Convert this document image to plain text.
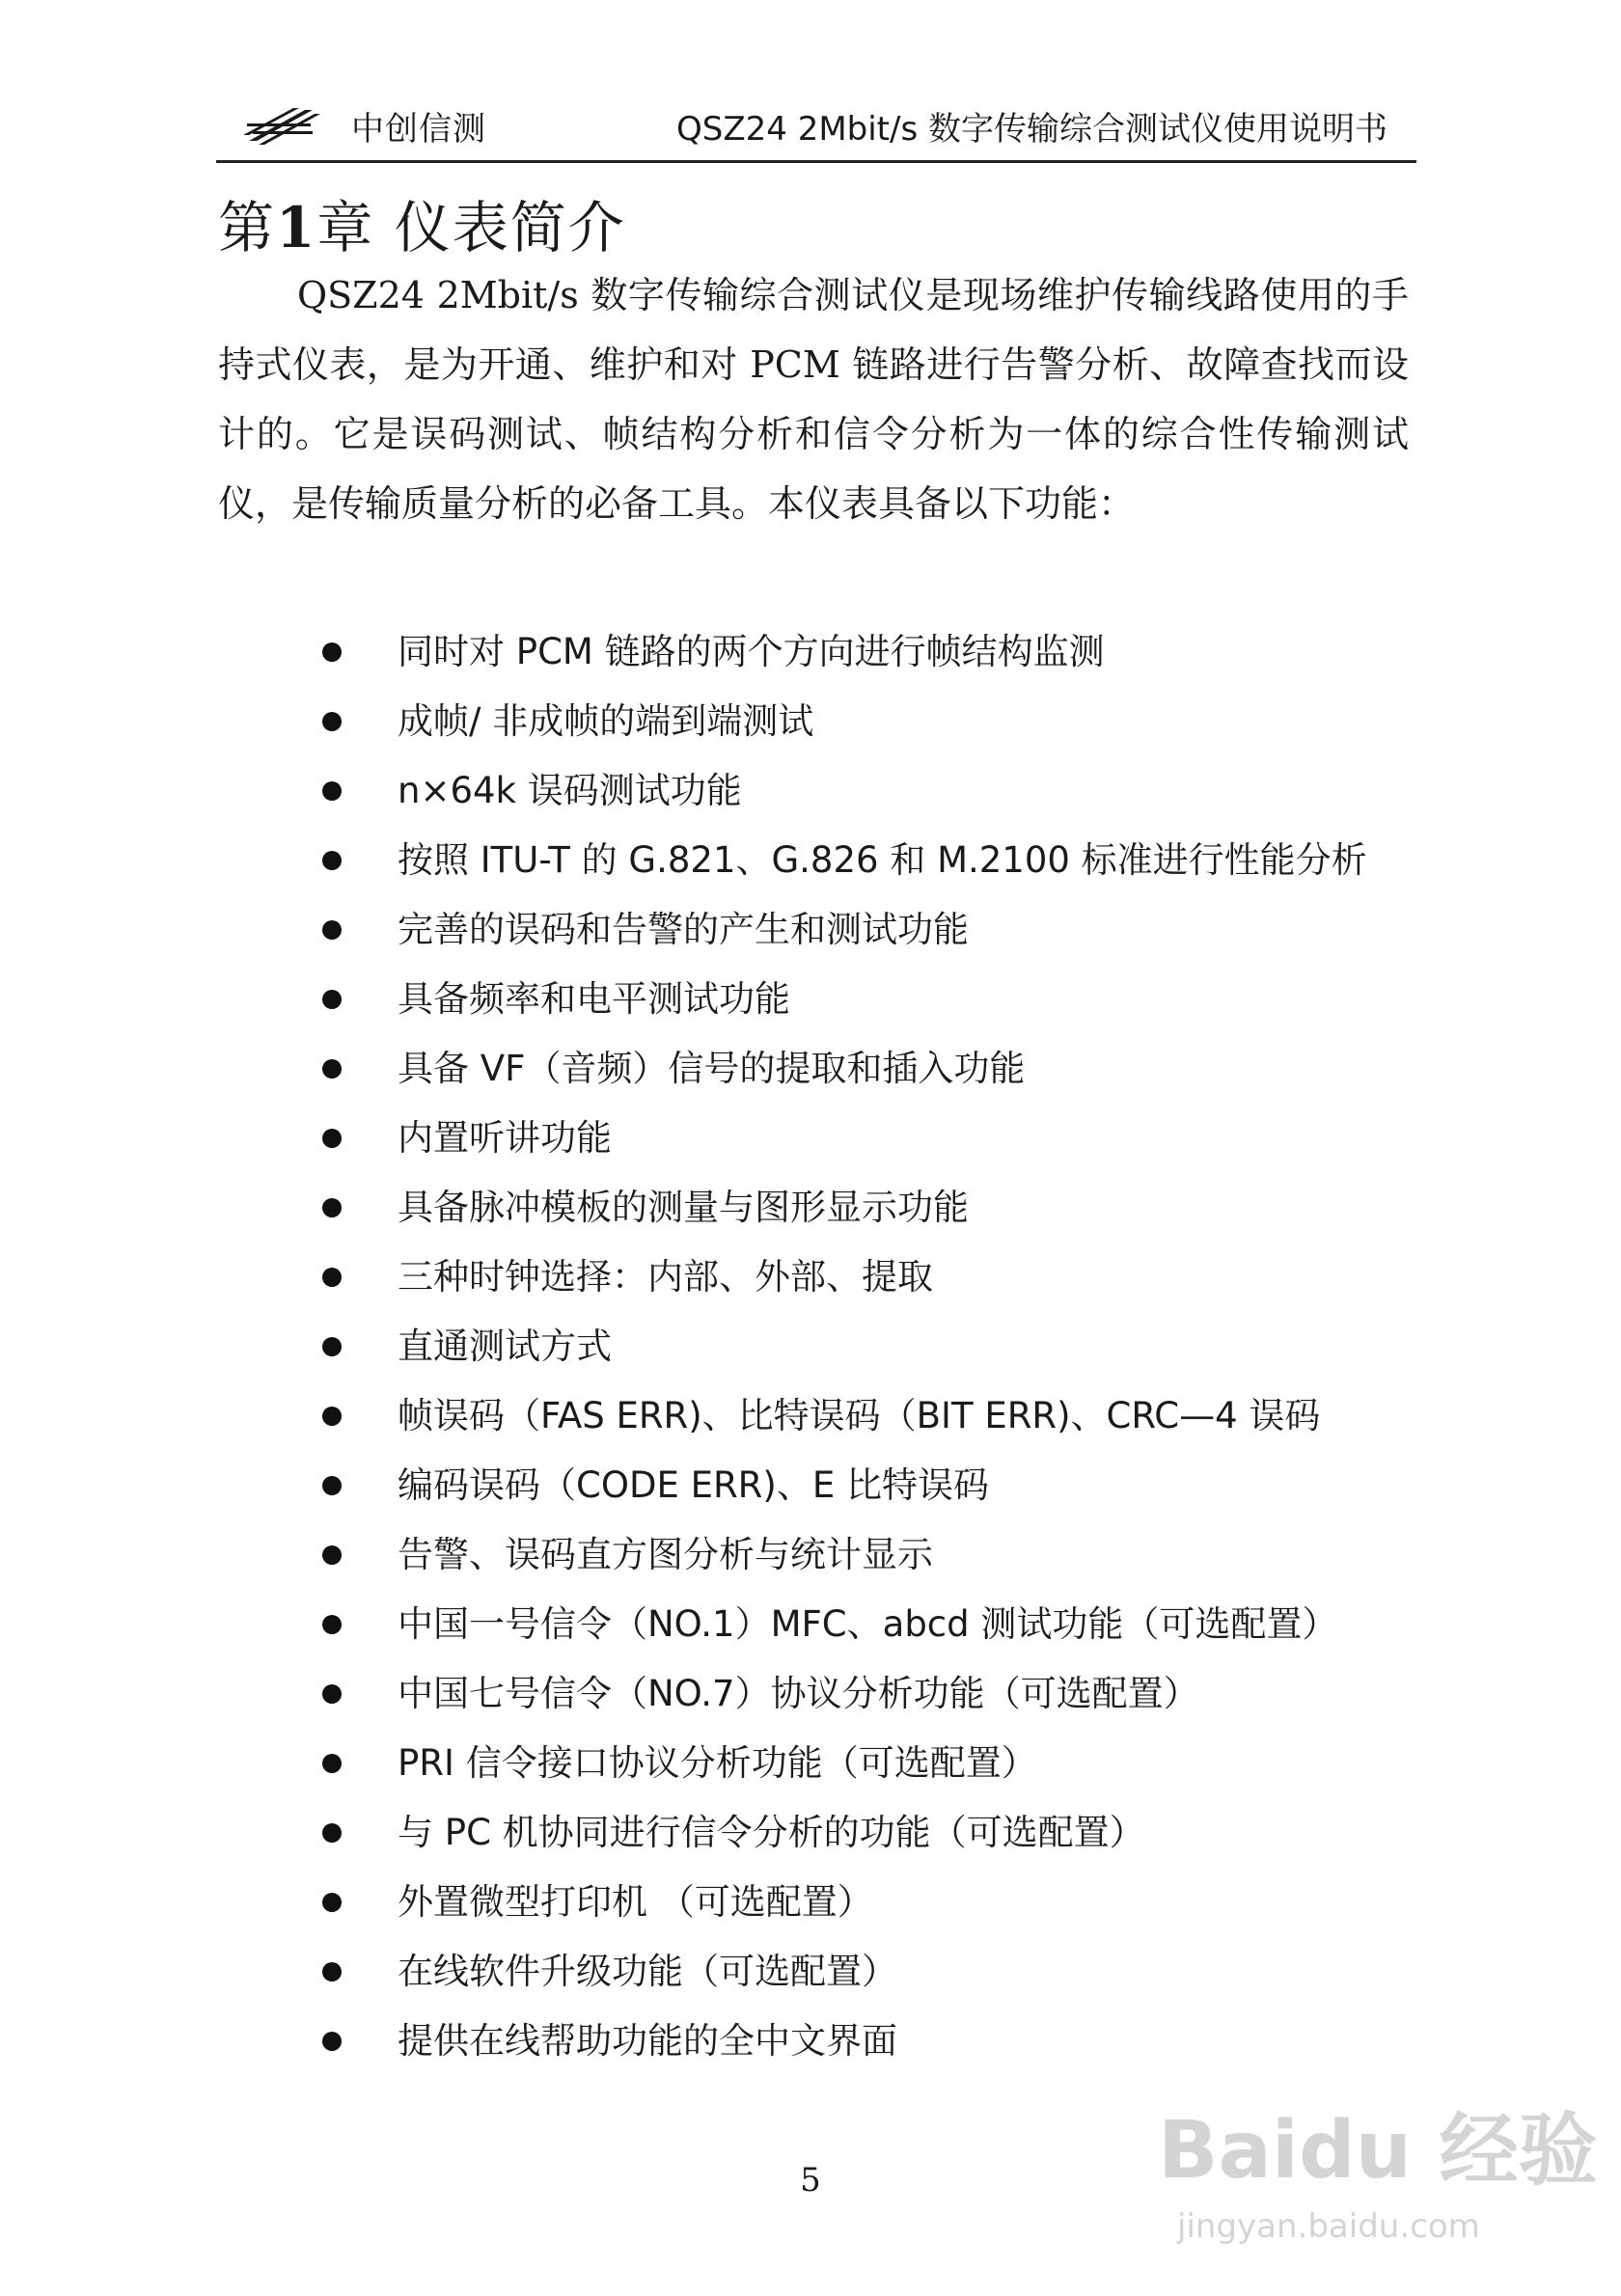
中创信测	QSZ24 2Mbit/s 数字传输综合测试仪使用说明书
第1章 仪表简介

QSZ24 2Mbit/s 数字传输综合测试仪是现场维护传输线路使用的手持式仪表，是为开通、维护和对 PCM 链路进行告警分析、故障查找而设计的。它是误码测试、帧结构分析和信令分析为一体的综合性传输测试仪，是传输质量分析的必备工具。本仪表具备以下功能：

同时对 PCM 链路的两个方向进行帧结构监测
成帧/ 非成帧的端到端测试
n×64k 误码测试功能
按照 ITU-T 的 G.821、G.826 和 M.2100 标准进行性能分析
完善的误码和告警的产生和测试功能
具备频率和电平测试功能
具备 VF（音频）信号的提取和插入功能
内置听讲功能
具备脉冲模板的测量与图形显示功能
三种时钟选择：内部、外部、提取
直通测试方式
帧误码（FAS ERR)、比特误码（BIT ERR)、CRC—4 误码
编码误码（CODE ERR)、E 比特误码
告警、误码直方图分析与统计显示
中国一号信令（NO.1）MFC、abcd 测试功能（可选配置）
中国七号信令（NO.7）协议分析功能（可选配置）
PRI 信令接口协议分析功能（可选配置）
与 PC 机协同进行信令分析的功能（可选配置）
外置微型打印机 （可选配置）
在线软件升级功能（可选配置）
提供在线帮助功能的全中文界面
5	Baidu 经验
jingyan.baidu.com
